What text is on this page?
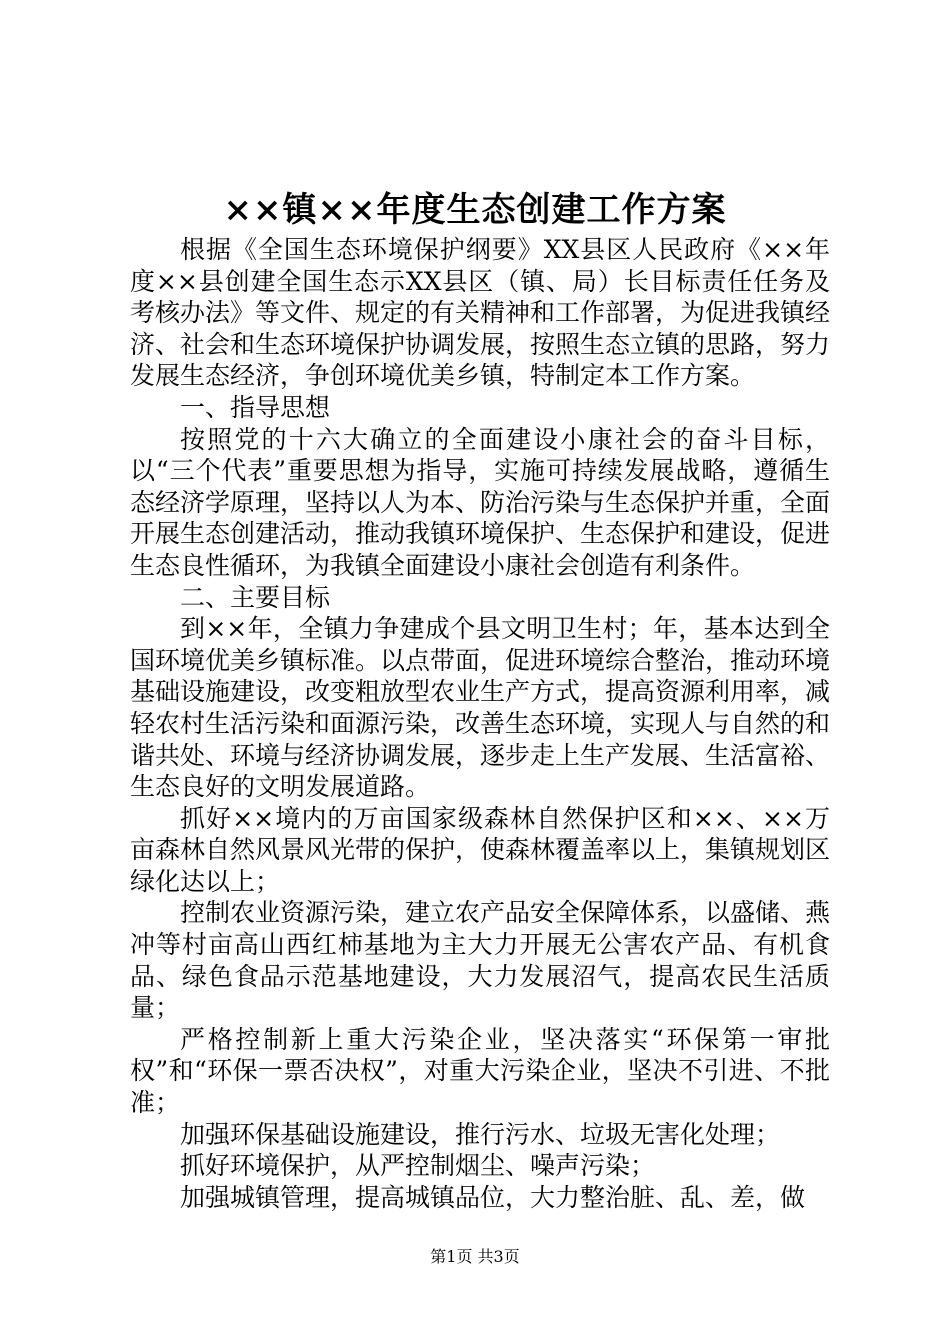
××镇××年度生态创建工作方案

根据《全国生态环境保护纲要》XX县区人民政府《××年度××县创建全国生态示XX县区（镇、局）长目标责任任务及考核办法》等文件、规定的有关精神和工作部署，为促进我镇经济、社会和生态环境保护协调发展，按照生态立镇的思路，努力发展生态经济，争创环境优美乡镇，特制定本工作方案。

一、指导思想

按照党的十六大确立的全面建设小康社会的奋斗目标，以“三个代表”重要思想为指导，实施可持续发展战略，遵循生态经济学原理，坚持以人为本、防治污染与生态保护并重，全面开展生态创建活动，推动我镇环境保护、生态保护和建设，促进生态良性循环，为我镇全面建设小康社会创造有利条件。

二、主要目标

到××年，全镇力争建成个县文明卫生村；年，基本达到全国环境优美乡镇标准。以点带面，促进环境综合整治，推动环境基础设施建设，改变粗放型农业生产方式，提高资源利用率，减轻农村生活污染和面源污染，改善生态环境，实现人与自然的和谐共处、环境与经济协调发展，逐步走上生产发展、生活富裕、生态良好的文明发展道路。

抓好××境内的万亩国家级森林自然保护区和××、××万亩森林自然风景风光带的保护，使森林覆盖率以上，集镇规划区绿化达以上；

控制农业资源污染，建立农产品安全保障体系，以盛储、燕冲等村亩高山西红柿基地为主大力开展无公害农产品、有机食品、绿色食品示范基地建设，大力发展沼气，提高农民生活质量；

严格控制新上重大污染企业，坚决落实“环保第一审批权”和“环保一票否决权”，对重大污染企业，坚决不引进、不批准；

加强环保基础设施建设，推行污水、垃圾无害化处理；

抓好环境保护，从严控制烟尘、噪声污染；

加强城镇管理，提高城镇品位，大力整治脏、乱、差，做

第1页 共3页
